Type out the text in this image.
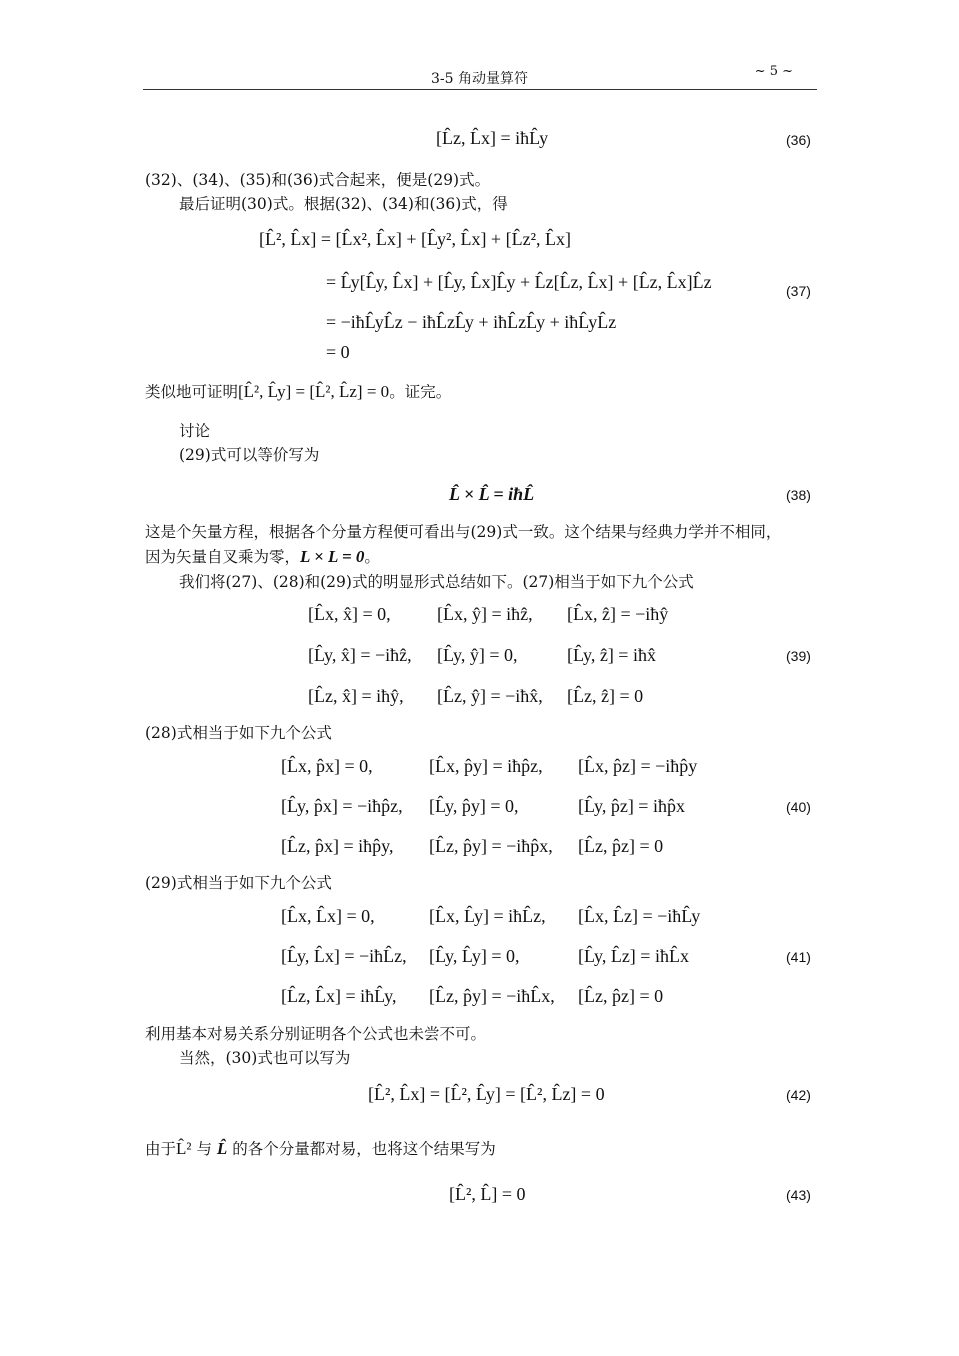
3-5 角动量算符	~ 5 ~
[L̂z, L̂x] = iħL̂y	(36)
(32)、(34)、(35)和(36)式合起来，便是(29)式。
最后证明(30)式。根据(32)、(34)和(36)式，得
[L̂², L̂x] = [L̂x², L̂x] + [L̂y², L̂x] + [L̂z², L̂x]
= L̂y[L̂y, L̂x] + [L̂y, L̂x]L̂y + L̂z[L̂z, L̂x] + [L̂z, L̂x]L̂z
= −iħL̂yL̂z − iħL̂zL̂y + iħL̂zL̂y + iħL̂yL̂z
= 0
(37)
类似地可证明[L̂², L̂y] = [L̂², L̂z] = 0。证完。
讨论
(29)式可以等价写为
L̂ × L̂ = iħL̂	(38)
这是个矢量方程，根据各个分量方程便可看出与(29)式一致。这个结果与经典力学并不相同，
因为矢量自叉乘为零，L × L = 0。
我们将(27)、(28)和(29)式的明显形式总结如下。(27)相当于如下九个公式
[L̂x, x̂] = 0,	[L̂x, ŷ] = iħẑ, [L̂x, ẑ] = −iħŷ
[L̂y, x̂] = −iħẑ, [L̂y, ŷ] = 0,	[L̂y, ẑ] = iħx̂
[L̂z, x̂] = iħŷ, [L̂z, ŷ] = −iħx̂, [L̂z, ẑ] = 0
(39)
(28)式相当于如下九个公式
[L̂x, p̂x] = 0,	[L̂x, p̂y] = iħp̂z, [L̂x, p̂z] = −iħp̂y
[L̂y, p̂x] = −iħp̂z, [L̂y, p̂y] = 0,	[L̂y, p̂z] = iħp̂x
[L̂z, p̂x] = iħp̂y, [L̂z, p̂y] = −iħp̂x, [L̂z, p̂z] = 0
(40)
(29)式相当于如下九个公式
[L̂x, L̂x] = 0,	[L̂x, L̂y] = iħL̂z, [L̂x, L̂z] = −iħL̂y
[L̂y, L̂x] = −iħL̂z, [L̂y, L̂y] = 0,	[L̂y, L̂z] = iħL̂x
[L̂z, L̂x] = iħL̂y, [L̂z, p̂y] = −iħL̂x, [L̂z, p̂z] = 0
(41)
利用基本对易关系分别证明各个公式也未尝不可。
当然，(30)式也可以写为
[L̂², L̂x] = [L̂², L̂y] = [L̂², L̂z] = 0	(42)
由于L̂² 与 L̂ 的各个分量都对易，也将这个结果写为
[L̂², L̂] = 0	(43)
